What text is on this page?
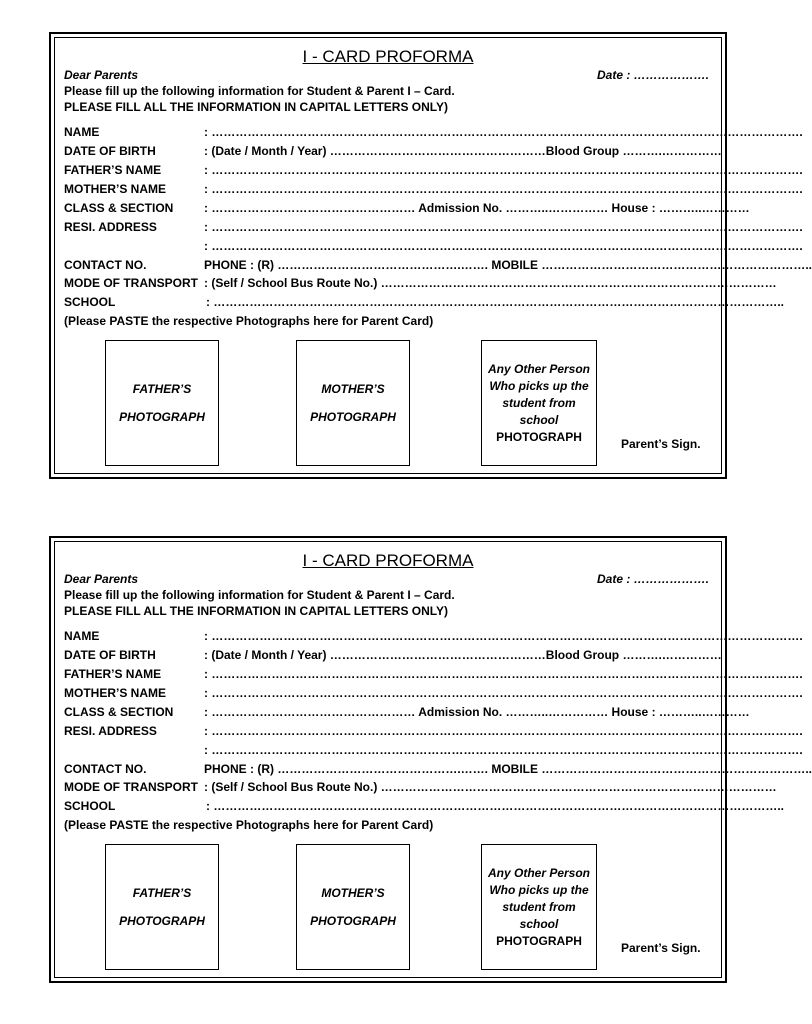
I - CARD PROFORMA
Dear Parents	Date : ……………….
Please fill up the following information for Student & Parent I – Card.
PLEASE FILL ALL THE INFORMATION IN CAPITAL LETTERS ONLY)
NAME	: ………………………………………………………………………………………………………………………………….
DATE OF BIRTH	: (Date / Month / Year) ………………………………………………Blood Group ……….……………
FATHER’S NAME	: ………………………………………………………………………………………………………………………………….
MOTHER’S NAME	: ………………………………………………………………………………………………………………………………….
CLASS & SECTION	: …………………………………………… Admission No. ………..…………… House : ………..…………
RESI. ADDRESS	: ………………………………………………………………………………………………………………………………….
: ………………………………………………………………………………………………………………………………….
CONTACT NO.	PHONE : (R) ……………………………………….……. MOBILE …………………………………………………………..
MODE OF TRANSPORT : (Self / School Bus Route No.) ………………………………………………………………………………………
SCHOOL	: ……………………………………………………………………………………………………………………………..
(Please PASTE the respective Photographs here for Parent Card)
FATHER’S
PHOTOGRAPH
MOTHER’S
PHOTOGRAPH
Any Other Person
Who picks up the
student from
school
PHOTOGRAPH
Parent’s Sign.
I - CARD PROFORMA
Dear Parents	Date : ……………….
Please fill up the following information for Student & Parent I – Card.
PLEASE FILL ALL THE INFORMATION IN CAPITAL LETTERS ONLY)
NAME	: ………………………………………………………………………………………………………………………………….
DATE OF BIRTH	: (Date / Month / Year) ………………………………………………Blood Group ……….……………
FATHER’S NAME	: ………………………………………………………………………………………………………………………………….
MOTHER’S NAME	: ………………………………………………………………………………………………………………………………….
CLASS & SECTION	: …………………………………………… Admission No. ………..…………… House : ………..…………
RESI. ADDRESS	: ………………………………………………………………………………………………………………………………….
: ………………………………………………………………………………………………………………………………….
CONTACT NO.	PHONE : (R) ……………………………………….……. MOBILE …………………………………………………………..
MODE OF TRANSPORT : (Self / School Bus Route No.) ………………………………………………………………………………………
SCHOOL	: ……………………………………………………………………………………………………………………………..
(Please PASTE the respective Photographs here for Parent Card)
FATHER’S
PHOTOGRAPH
MOTHER’S
PHOTOGRAPH
Any Other Person
Who picks up the
student from
school
PHOTOGRAPH
Parent’s Sign.
